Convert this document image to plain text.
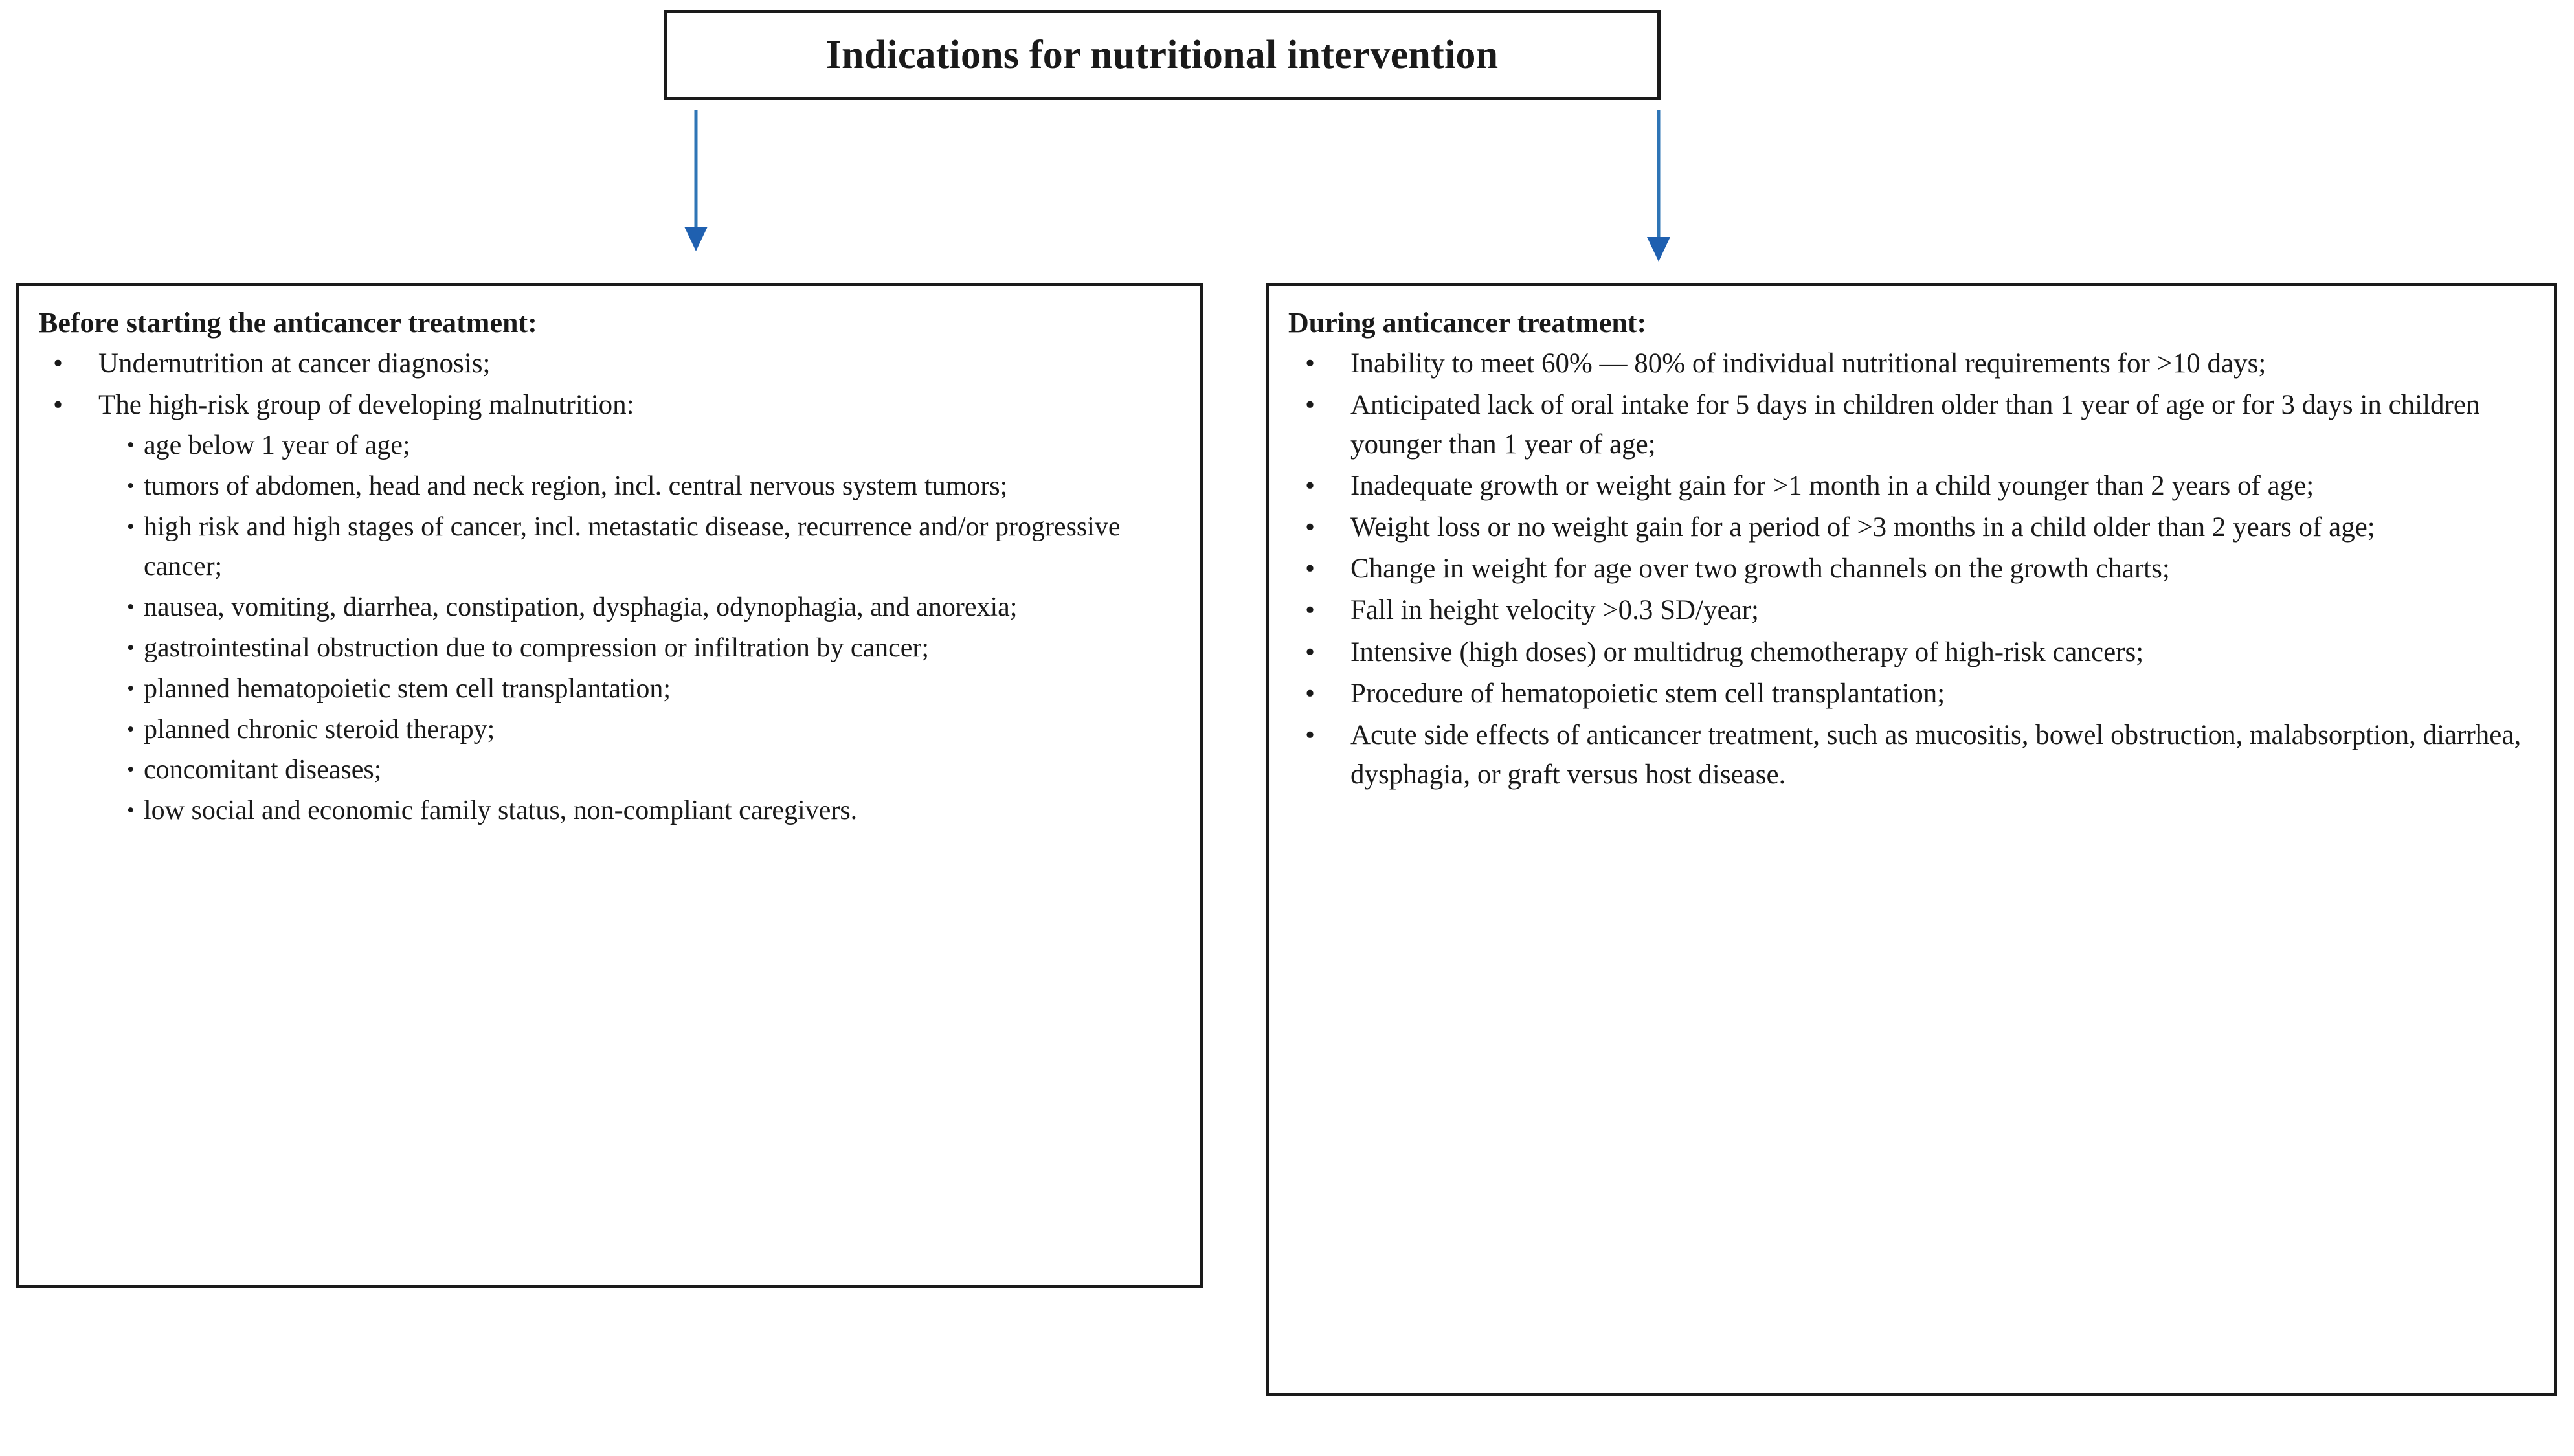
Indications for nutritional intervention
Before starting the anticancer treatment:
• Undernutrition at cancer diagnosis;
• The high-risk group of developing malnutrition:
• age below 1 year of age;
• tumors of abdomen, head and neck region, incl. central nervous system tumors;
• high risk and high stages of cancer, incl. metastatic disease, recurrence and/or progressive cancer;
• nausea, vomiting, diarrhea, constipation, dysphagia, odynophagia, and anorexia;
• gastrointestinal obstruction due to compression or infiltration by cancer;
• planned hematopoietic stem cell transplantation;
• planned chronic steroid therapy;
• concomitant diseases;
• low social and economic family status, non-compliant caregivers.
During anticancer treatment:
• Inability to meet 60% — 80% of individual nutritional requirements for >10 days;
• Anticipated lack of oral intake for 5 days in children older than 1 year of age or for 3 days in children younger than 1 year of age;
• Inadequate growth or weight gain for >1 month in a child younger than 2 years of age;
• Weight loss or no weight gain for a period of >3 months in a child older than 2 years of age;
• Change in weight for age over two growth channels on the growth charts;
• Fall in height velocity >0.3 SD/year;
• Intensive (high doses) or multidrug chemotherapy of high-risk cancers;
• Procedure of hematopoietic stem cell transplantation;
• Acute side effects of anticancer treatment, such as mucositis, bowel obstruction, malabsorption, diarrhea, dysphagia, or graft versus host disease.
